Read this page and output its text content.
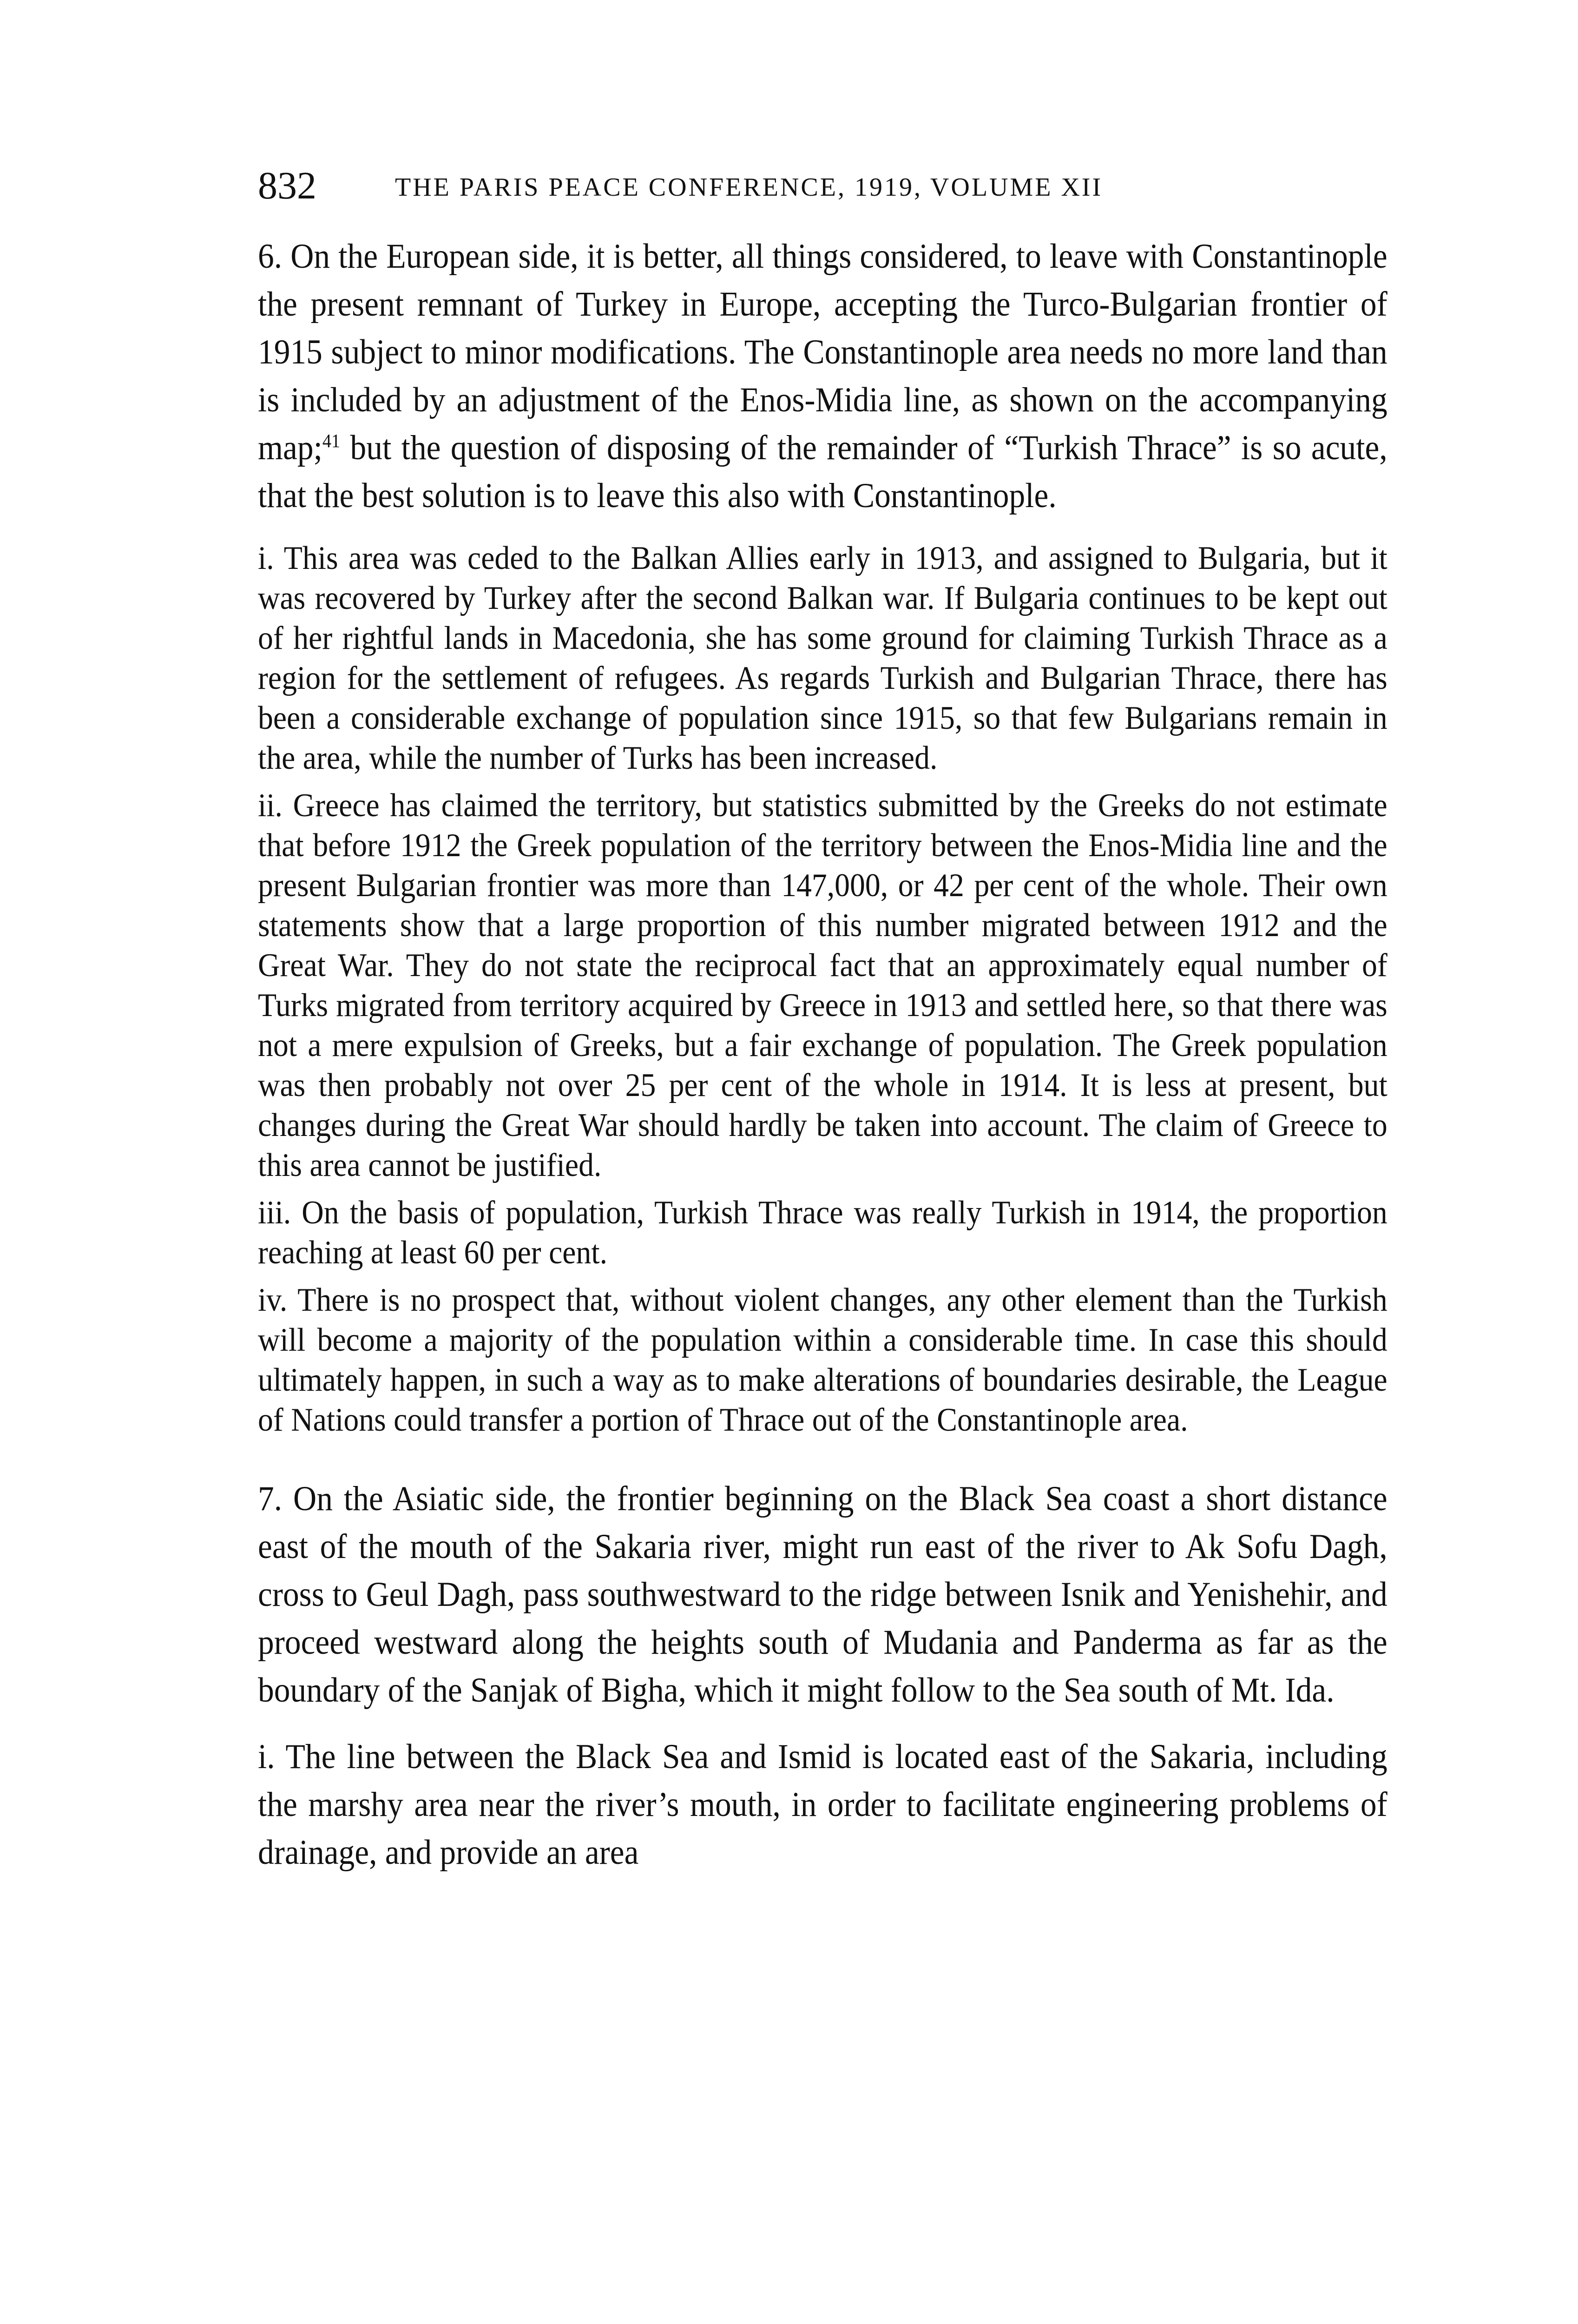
832	THE PARIS PEACE CONFERENCE, 1919, VOLUME XII

6. On the European side, it is better, all things considered, to leave with Constantinople the present remnant of Turkey in Europe, accepting the Turco-Bulgarian frontier of 1915 subject to minor modifications. The Constantinople area needs no more land than is included by an adjustment of the Enos-Midia line, as shown on the accompanying map;$^{41}$ but the question of disposing of the remainder of “Turkish Thrace” is so acute, that the best solution is to leave this also with Constantinople.

i. This area was ceded to the Balkan Allies early in 1913, and assigned to Bulgaria, but it was recovered by Turkey after the second Balkan war. If Bulgaria continues to be kept out of her rightful lands in Macedonia, she has some ground for claiming Turkish Thrace as a region for the settlement of refugees. As regards Turkish and Bulgarian Thrace, there has been a considerable exchange of population since 1915, so that few Bulgarians remain in the area, while the number of Turks has been increased.

ii. Greece has claimed the territory, but statistics submitted by the Greeks do not estimate that before 1912 the Greek population of the territory between the Enos-Midia line and the present Bulgarian frontier was more than 147,000, or 42 per cent of the whole. Their own statements show that a large proportion of this number migrated between 1912 and the Great War. They do not state the reciprocal fact that an approximately equal number of Turks migrated from territory acquired by Greece in 1913 and settled here, so that there was not a mere expulsion of Greeks, but a fair exchange of population. The Greek population was then probably not over 25 per cent of the whole in 1914. It is less at present, but changes during the Great War should hardly be taken into account. The claim of Greece to this area cannot be justified.

iii. On the basis of population, Turkish Thrace was really Turkish in 1914, the proportion reaching at least 60 per cent.

iv. There is no prospect that, without violent changes, any other element than the Turkish will become a majority of the population within a considerable time. In case this should ultimately happen, in such a way as to make alterations of boundaries desirable, the League of Nations could transfer a portion of Thrace out of the Constantinople area.

7. On the Asiatic side, the frontier beginning on the Black Sea coast a short distance east of the mouth of the Sakaria river, might run east of the river to Ak Sofu Dagh, cross to Geul Dagh, pass southwestward to the ridge between Isnik and Yenishehir, and proceed westward along the heights south of Mudania and Panderma as far as the boundary of the Sanjak of Bigha, which it might follow to the Sea south of Mt. Ida.

i. The line between the Black Sea and Ismid is located east of the Sakaria, including the marshy area near the river’s mouth, in order to facilitate engineering problems of drainage, and provide an area
